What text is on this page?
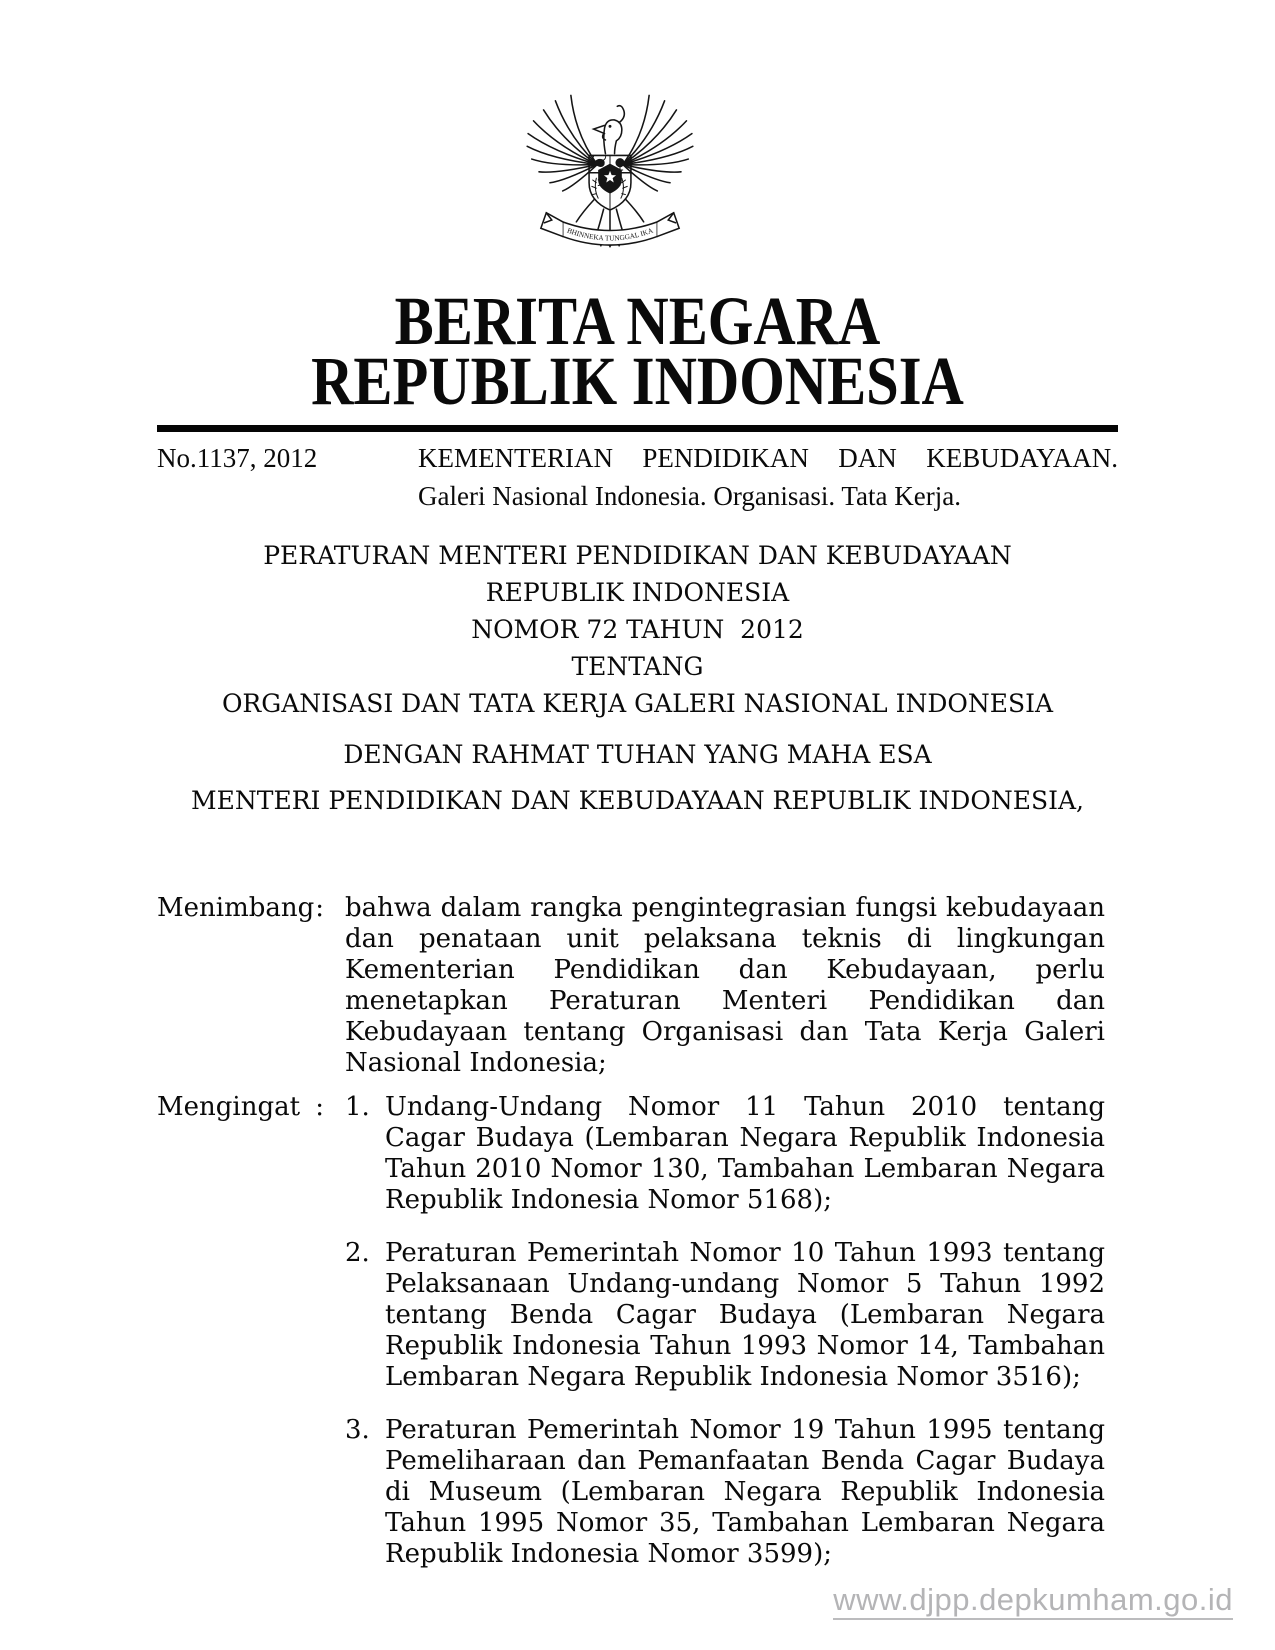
BHINNEKA TUNGGAL IKA
BERITA NEGARA
REPUBLIK INDONESIA
No.1137, 2012	KEMENTERIAN PENDIDIKAN DAN KEBUDAYAAN. Galeri Nasional Indonesia. Organisasi. Tata Kerja.
PERATURAN MENTERI PENDIDIKAN DAN KEBUDAYAAN
REPUBLIK INDONESIA
NOMOR 72 TAHUN  2012
TENTANG
ORGANISASI DAN TATA KERJA GALERI NASIONAL INDONESIA
DENGAN RAHMAT TUHAN YANG MAHA ESA
MENTERI PENDIDIKAN DAN KEBUDAYAAN REPUBLIK INDONESIA,
Menimbang : bahwa dalam rangka pengintegrasian fungsi kebudayaan dan penataan unit pelaksana teknis di lingkungan Kementerian Pendidikan dan Kebudayaan, perlu menetapkan Peraturan Menteri Pendidikan dan Kebudayaan tentang Organisasi dan Tata Kerja Galeri Nasional Indonesia;
Mengingat : 1. Undang-Undang Nomor 11 Tahun 2010 tentang Cagar Budaya (Lembaran Negara Republik Indonesia Tahun 2010 Nomor 130, Tambahan Lembaran Negara Republik Indonesia Nomor 5168);
2. Peraturan Pemerintah Nomor 10 Tahun 1993 tentang Pelaksanaan Undang-undang Nomor 5 Tahun 1992 tentang Benda Cagar Budaya (Lembaran Negara Republik Indonesia Tahun 1993 Nomor 14, Tambahan Lembaran Negara Republik Indonesia Nomor 3516);
3. Peraturan Pemerintah Nomor 19 Tahun 1995 tentang Pemeliharaan dan Pemanfaatan Benda Cagar Budaya di Museum (Lembaran Negara Republik Indonesia Tahun 1995 Nomor 35, Tambahan Lembaran Negara Republik Indonesia Nomor 3599);
www.djpp.depkumham.go.id
